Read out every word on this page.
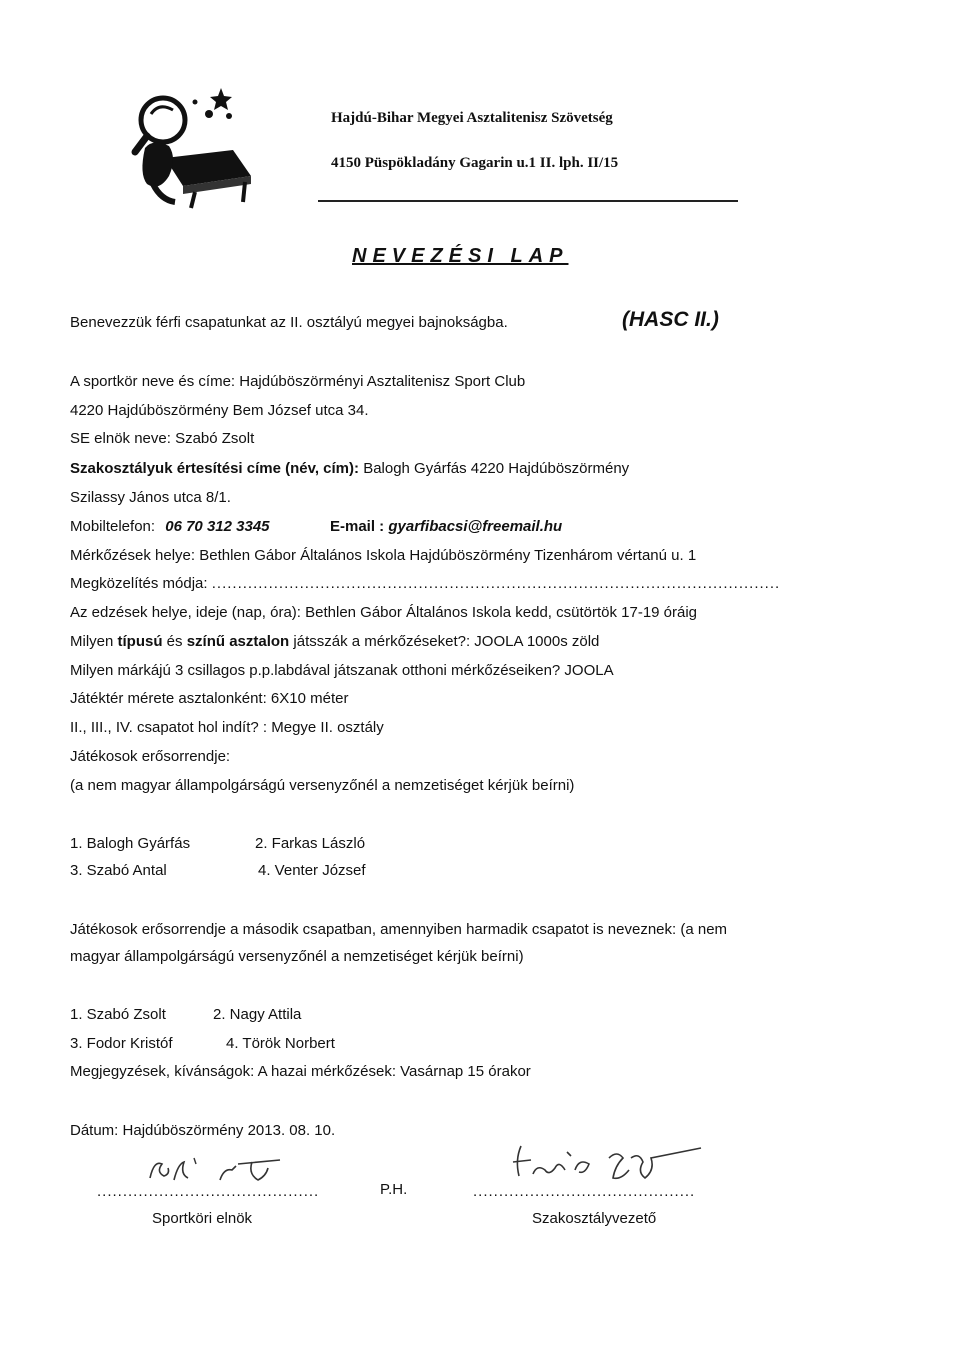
Hajdú-Bihar Megyei Asztalitenisz Szövetség
4150 Püspökladány Gagarin u.1 II. lph. II/15
NEVEZÉSI LAP
Benevezzük férfi csapatunkat az ‌II. osztályú megyei bajnokságba.	(HASC II.)
A sportkör neve és címe: Hajdúböszörményi Asztalitenisz Sport Club
4220 Hajdúböszörmény Bem József utca 34.
SE elnök neve: Szabó Zsolt
Szakosztályuk értesítési címe (név, cím): Balogh Gyárfás 4220 Hajdúböszörmény
Szilassy János utca 8/1.
Mobiltelefon: 06 70 312 3345	E-mail : gyarfibacsi@freemail.hu
Mérkőzések helye: Bethlen Gábor Általános Iskola Hajdúböszörmény Tizenhárom vértanú u. 1
Megközelítés módja: ..............................................................................................................
Az edzések helye, ideje (nap, óra): Bethlen Gábor Általános Iskola kedd, csütörtök 17-19 óráig
Milyen típusú és színű asztalon játsszák a mérkőzéseket?: JOOLA 1000s zöld
Milyen márkájú 3 csillagos p.p.labdával játszanak otthoni mérkőzéseiken? JOOLA
Játéktér mérete asztalonként: 6X10 méter
II., III., IV. csapatot hol indít? : Megye II. osztály
Játékosok erősorrendje:
(a nem magyar állampolgárságú versenyzőnél a nemzetiséget kérjük beírni)
1. Balogh Gyárfás	2. Farkas László
3. Szabó Antal	4. Venter József
Játékosok erősorrendje a második csapatban, amennyiben harmadik csapatot is neveznek: (a nem
magyar állampolgárságú versenyzőnél a nemzetiséget kérjük beírni)
1. Szabó Zsolt	2. Nagy Attila
3. Fodor Kristóf	4. Török Norbert
Megjegyzések, kívánságok: A hazai mérkőzések: Vasárnap 15 órakor
Dátum: Hajdúböszörmény 2013. 08. 10.
...........................................
Sportköri elnök
P.H.	...........................................
Szakosztályvezető
